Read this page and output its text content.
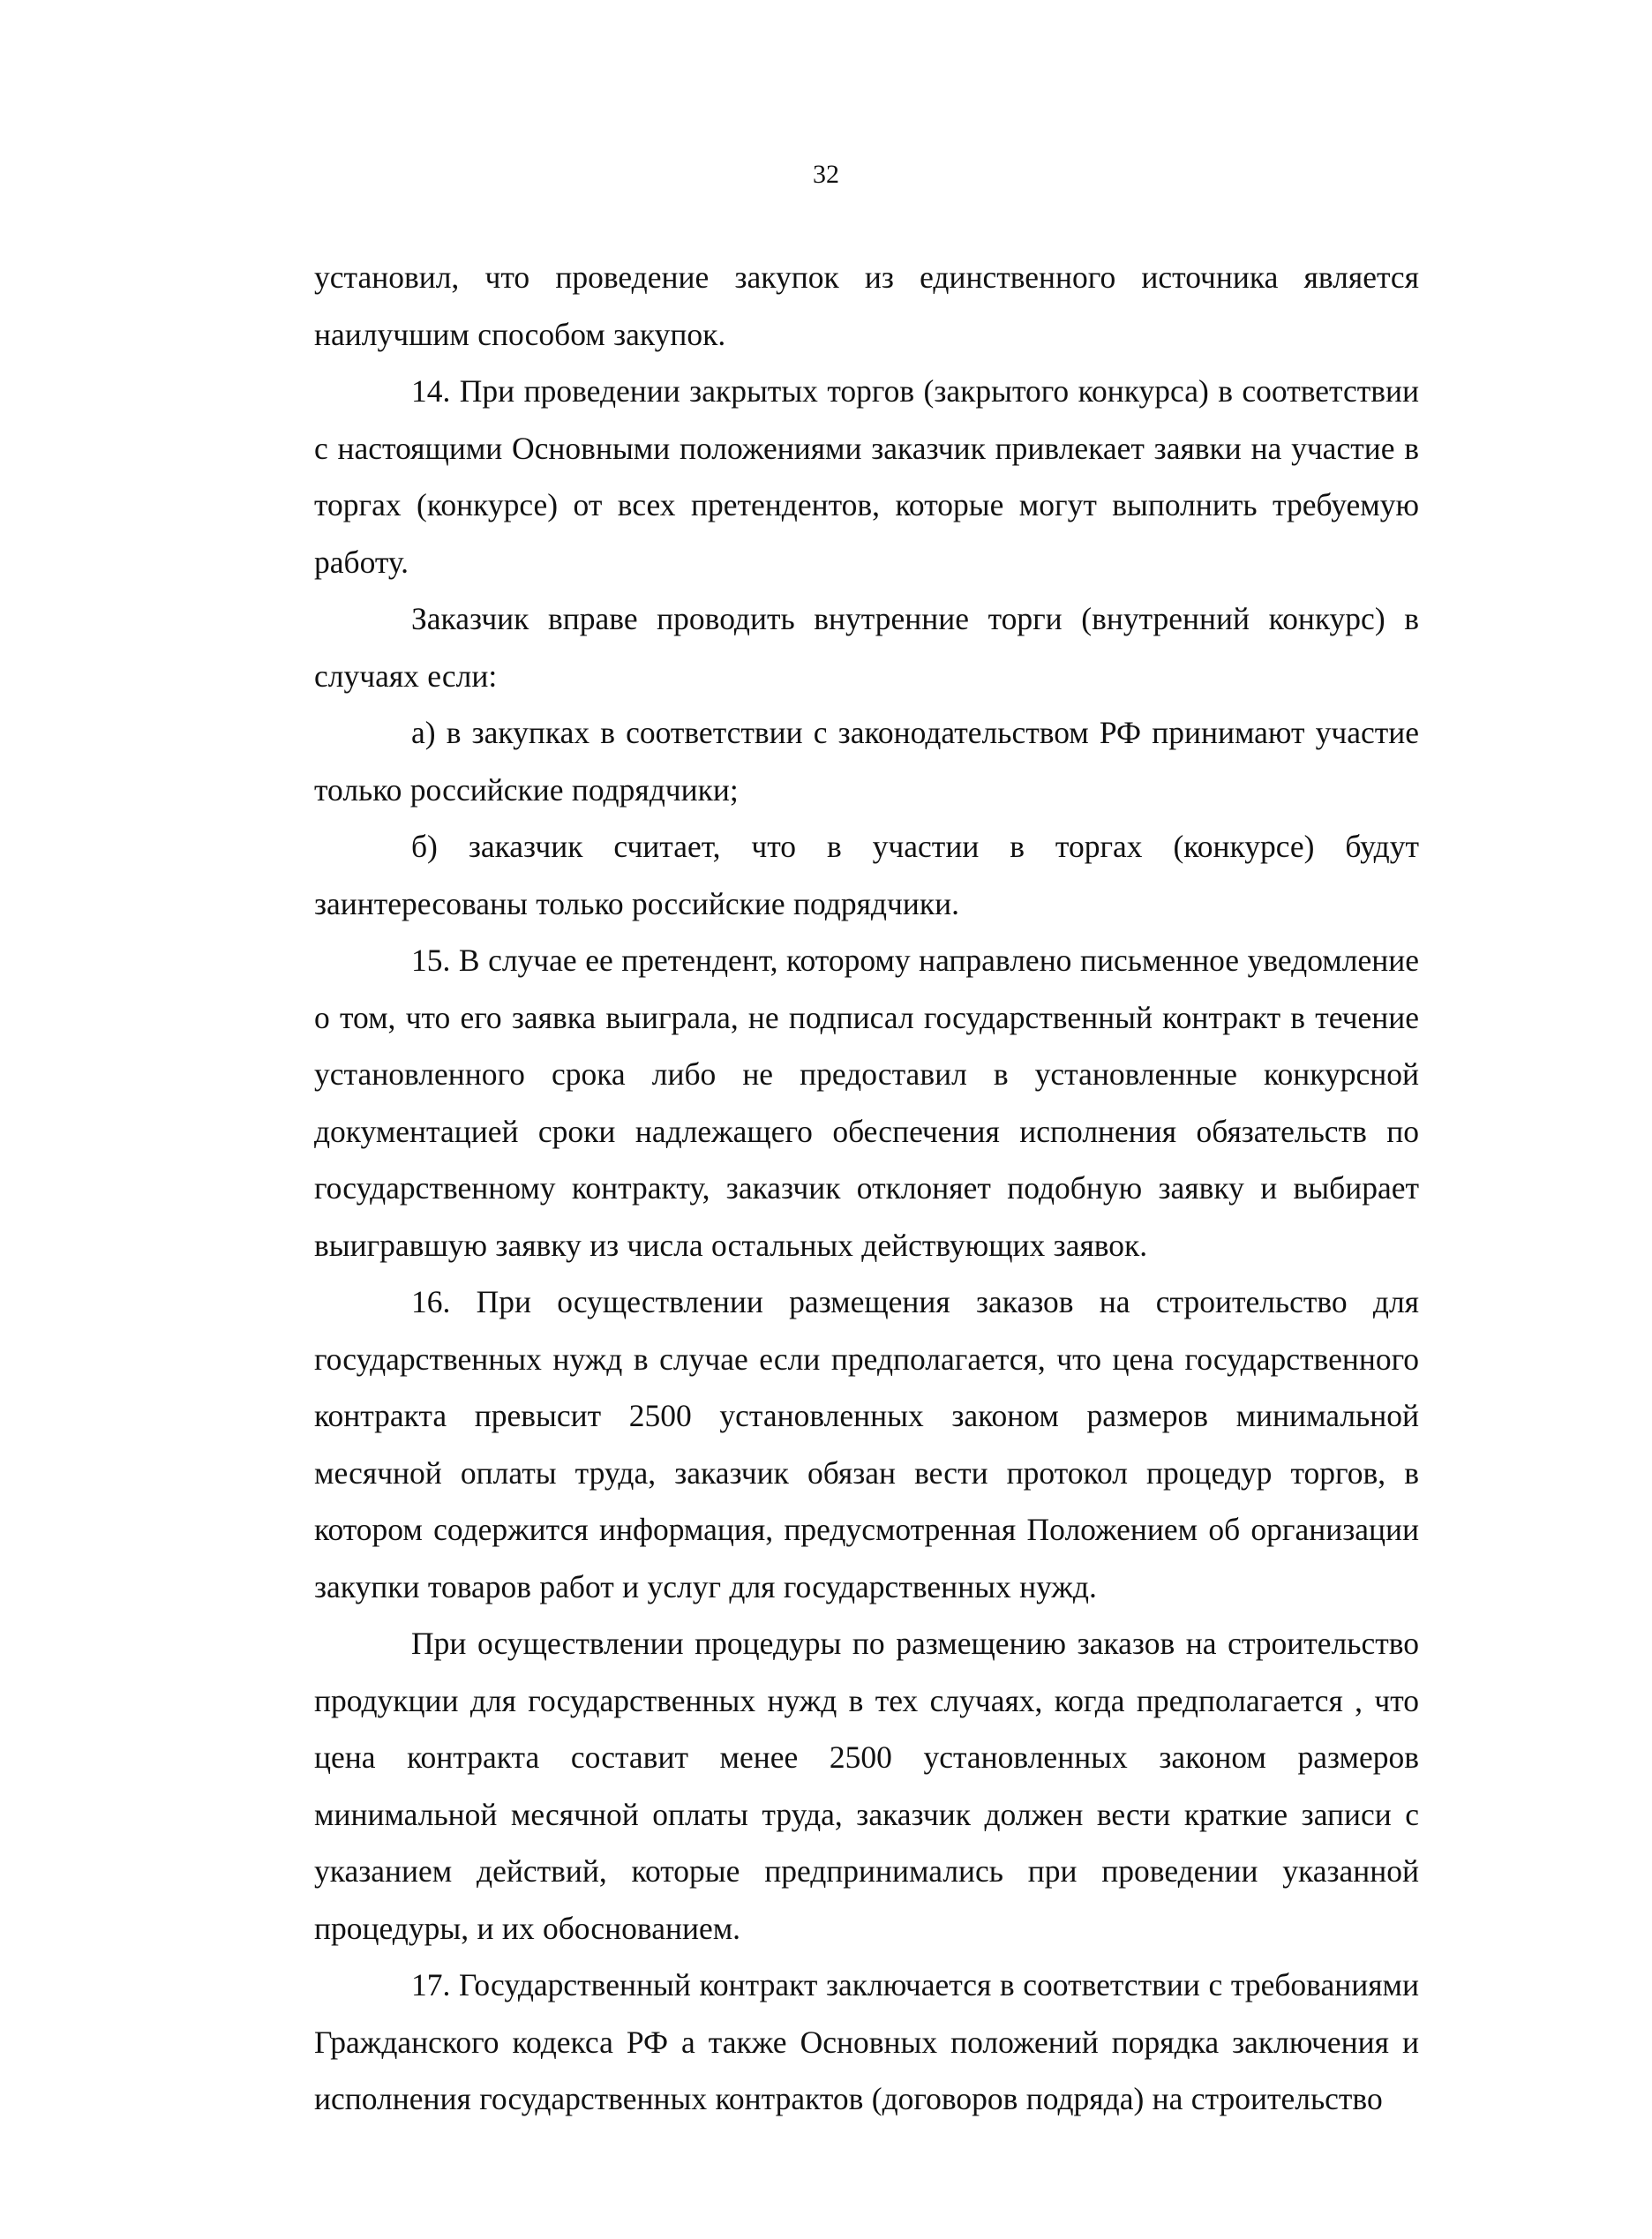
32

установил, что проведение закупок из единственного источника является наилучшим способом закупок.

14. При проведении закрытых торгов (закрытого конкурса) в соответствии с настоящими Основными положениями заказчик привлекает заявки на участие в торгах (конкурсе) от всех претендентов, которые могут выполнить требуемую работу.

Заказчик вправе проводить внутренние торги (внутренний конкурс) в случаях если:

а) в закупках в соответствии с законодательством РФ принимают участие только российские подрядчики;

б) заказчик считает, что в участии в торгах (конкурсе) будут заинтересованы только российские подрядчики.

15. В случае ее претендент, которому направлено письменное уведомление о том, что его заявка выиграла, не подписал государственный контракт в течение установленного срока либо не предоставил в установленные конкурсной документацией сроки надлежащего обеспечения исполнения обязательств по государственному контракту, заказчик отклоняет подобную заявку и выбирает выигравшую заявку из числа остальных действующих заявок.

16. При осуществлении размещения заказов на строительство для государственных нужд в случае если предполагается, что цена государственного контракта превысит 2500 установленных законом размеров минимальной месячной оплаты труда, заказчик обязан вести протокол процедур торгов, в котором содержится информация, предусмотренная Положением об организации закупки товаров работ и услуг для государственных нужд.

При осуществлении процедуры по размещению заказов на строительство продукции для государственных нужд в тех случаях, когда предполагается , что цена контракта составит менее 2500 установленных законом размеров минимальной месячной оплаты труда, заказчик должен вести краткие записи с указанием действий, которые предпринимались при проведении указанной процедуры, и их обоснованием.

17. Государственный контракт заключается в соответствии с требованиями Гражданского кодекса РФ а также Основных положений порядка заключения и исполнения государственных контрактов (договоров подряда) на строительство
